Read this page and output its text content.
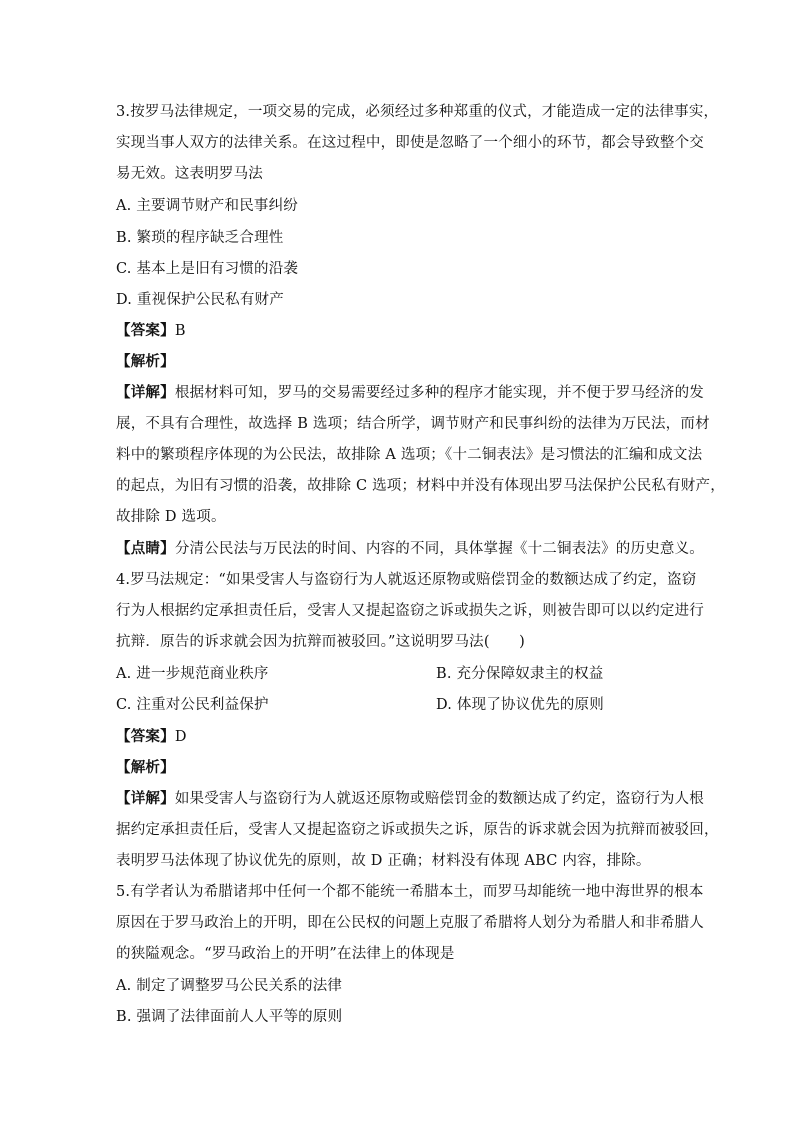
3.按罗马法律规定，一项交易的完成，必须经过多种郑重的仪式，才能造成一定的法律事实，
实现当事人双方的法律关系。在这过程中，即使是忽略了一个细小的环节，都会导致整个交
易无效。这表明罗马法
A. 主要调节财产和民事纠纷
B. 繁琐的程序缺乏合理性
C. 基本上是旧有习惯的沿袭
D. 重视保护公民私有财产
【答案】B
【解析】
【详解】根据材料可知，罗马的交易需要经过多种的程序才能实现，并不便于罗马经济的发
展，不具有合理性，故选择 B 选项；结合所学，调节财产和民事纠纷的法律为万民法，而材
料中的繁琐程序体现的为公民法，故排除 A 选项；《十二铜表法》是习惯法的汇编和成文法
的起点，为旧有习惯的沿袭，故排除 C 选项；材料中并没有体现出罗马法保护公民私有财产，
故排除 D 选项。
【点睛】分清公民法与万民法的时间、内容的不同，具体掌握《十二铜表法》的历史意义。
4.罗马法规定：“如果受害人与盗窃行为人就返还原物或赔偿罚金的数额达成了约定，盗窃
行为人根据约定承担责任后，受害人又提起盗窃之诉或损失之诉，则被告即可以以约定进行
抗辩．原告的诉求就会因为抗辩而被驳回。”这说明罗马法(　　)
A. 进一步规范商业秩序	B. 充分保障奴隶主的权益
C. 注重对公民利益保护	D. 体现了协议优先的原则
【答案】D
【解析】
【详解】如果受害人与盗窃行为人就返还原物或赔偿罚金的数额达成了约定，盗窃行为人根
据约定承担责任后，受害人又提起盗窃之诉或损失之诉，原告的诉求就会因为抗辩而被驳回，
表明罗马法体现了协议优先的原则，故 D 正确；材料没有体现 ABC 内容，排除。
5.有学者认为希腊诸邦中任何一个都不能统一希腊本土，而罗马却能统一地中海世界的根本
原因在于罗马政治上的开明，即在公民权的问题上克服了希腊将人划分为希腊人和非希腊人
的狭隘观念。“罗马政治上的开明”在法律上的体现是
A. 制定了调整罗马公民关系的法律
B. 强调了法律面前人人平等的原则
